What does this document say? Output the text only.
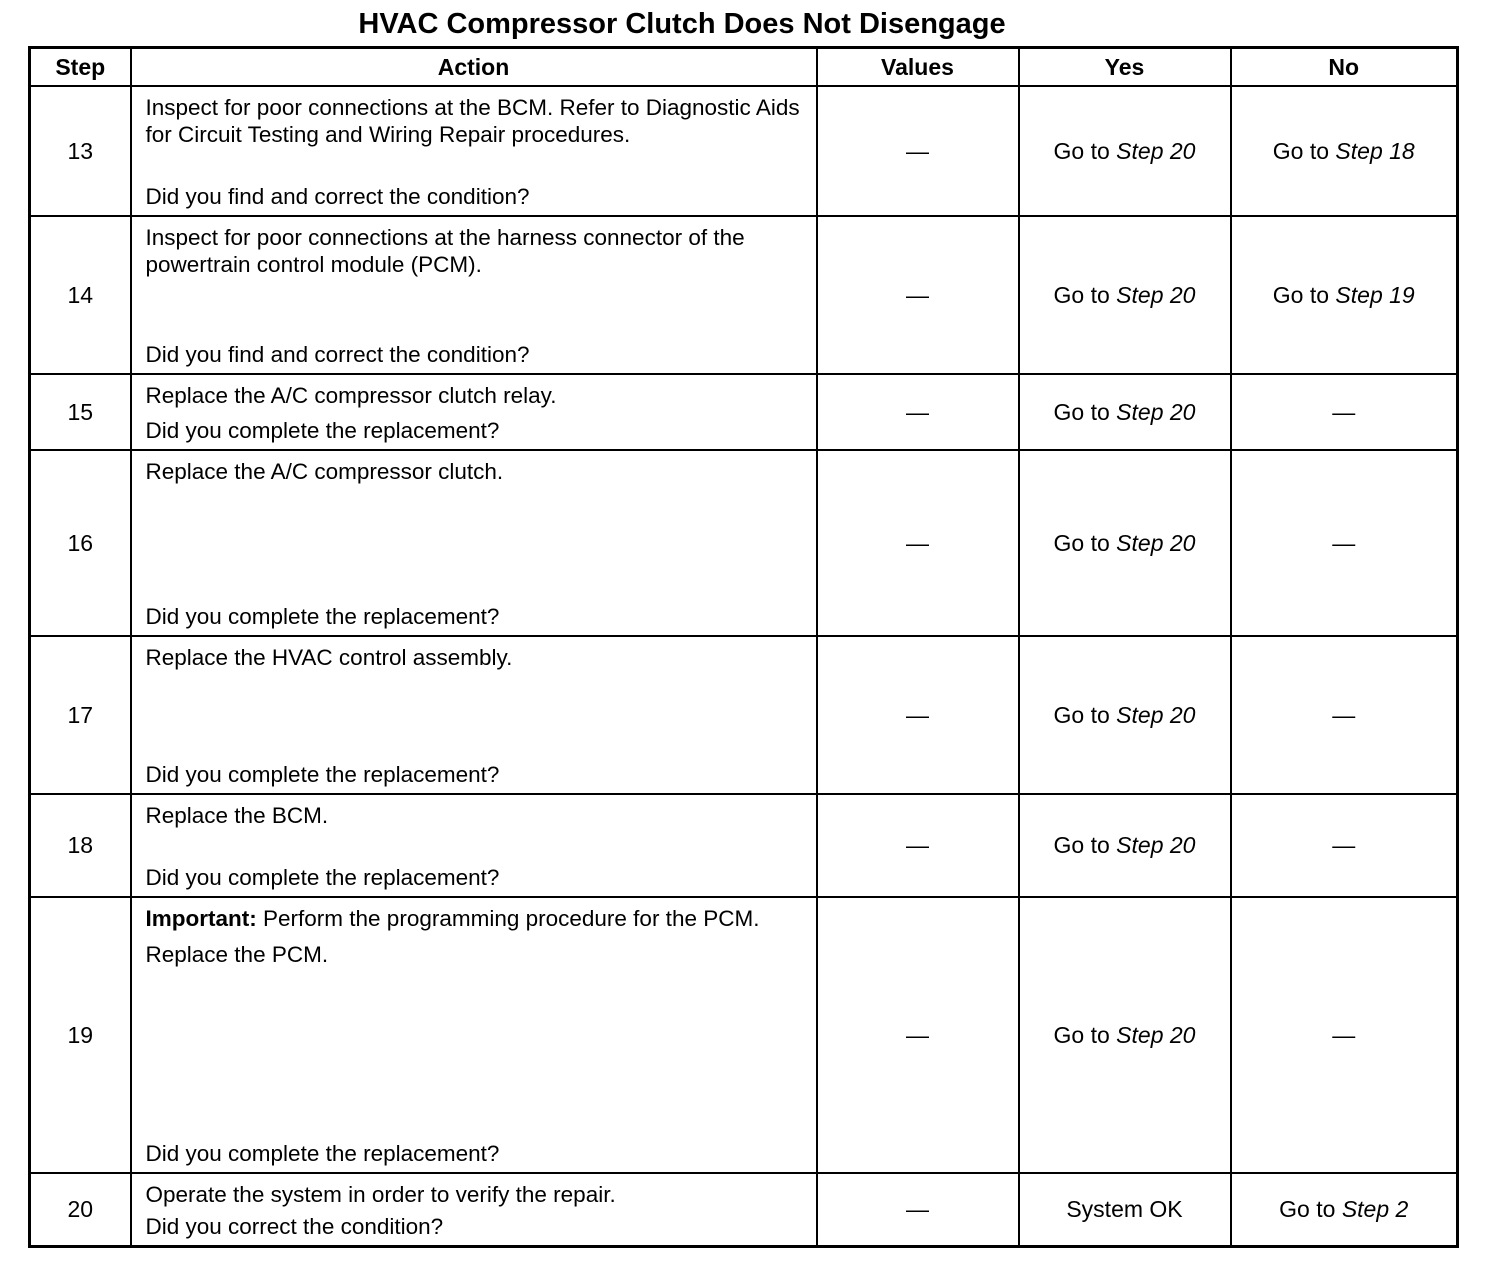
HVAC Compressor Clutch Does Not Disengage
Step	Action	Values	Yes	No
13	Inspect for poor connections at the BCM. Refer to Diagnostic Aids for Circuit Testing and Wiring Repair procedures.

Did you find and correct the condition?	—	Go to Step 20	Go to Step 18
14	Inspect for poor connections at the harness connector of the powertrain control module (PCM).

Did you find and correct the condition?	—	Go to Step 20	Go to Step 19
15	Replace the A/C compressor clutch relay.

Did you complete the replacement?	—	Go to Step 20	—
16	Replace the A/C compressor clutch.

Did you complete the replacement?	—	Go to Step 20	—
17	Replace the HVAC control assembly.

Did you complete the replacement?	—	Go to Step 20	—
18	Replace the BCM.

Did you complete the replacement?	—	Go to Step 20	—
19	Important: Perform the programming procedure for the PCM.

Replace the PCM.

Did you complete the replacement?	—	Go to Step 20	—
20	Operate the system in order to verify the repair.

Did you correct the condition?	—	System OK	Go to Step 2
